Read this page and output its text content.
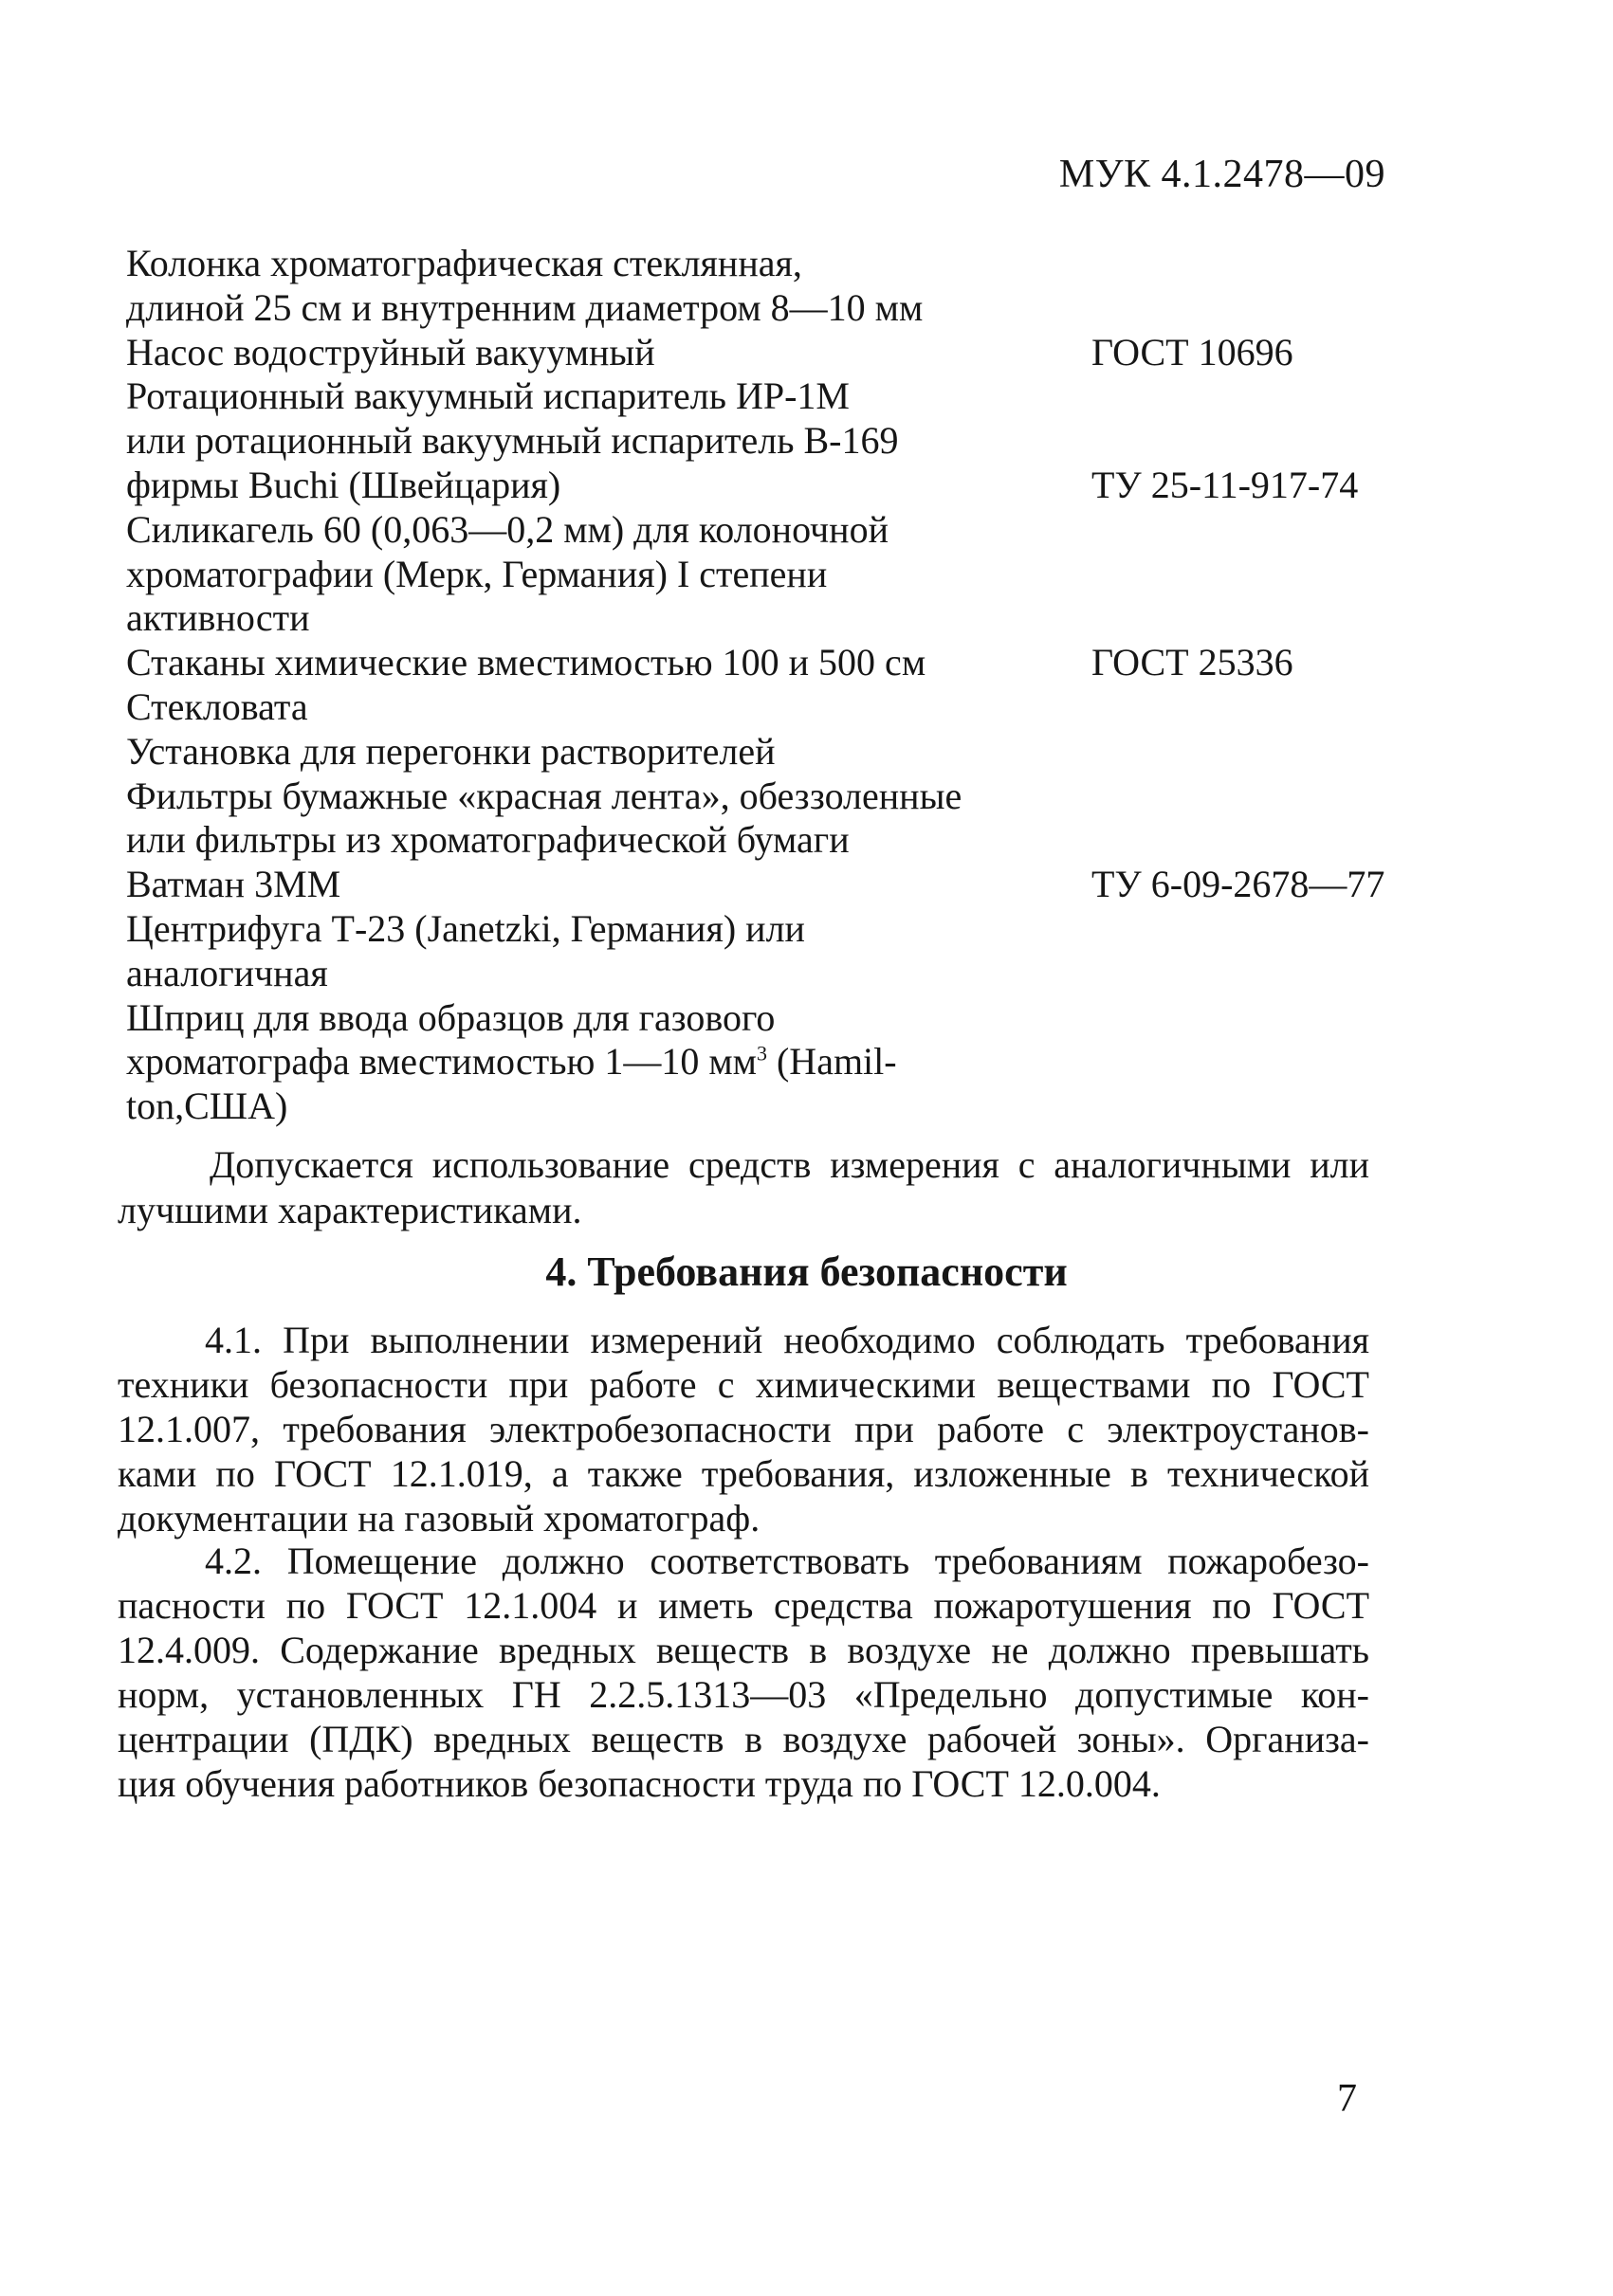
МУК 4.1.2478—09
Колонка хроматографическая стеклянная,
длиной 25 см и внутренним диаметром 8—10 мм
Насос водоструйный вакуумный	ГОСТ 10696
Ротационный вакуумный испаритель ИР-1М
или ротационный вакуумный испаритель В-169
фирмы Buchi (Швейцария)	ТУ 25-11-917-74
Силикагель 60 (0,063—0,2 мм) для колоночной
хроматографии (Мерк, Германия) I степени
активности
Стаканы химические вместимостью 100 и 500 см	ГОСТ 25336
Стекловата
Установка для перегонки растворителей
Фильтры бумажные «красная лента», обеззоленные
или фильтры из хроматографической бумаги
Ватман 3ММ	ТУ 6-09-2678—77
Центрифуга Т-23 (Janetzki, Германия) или
аналогичная
Шприц для ввода образцов для газового
хроматографа вместимостью 1—10 $мм^3$ (Hamil-
ton,США)
Допускается использование средств измерения с аналогичными или лучшими характеристиками.
4. Требования безопасности
4.1. При выполнении измерений необходимо соблюдать требования
техники безопасности при работе с химическими веществами по ГОСТ
12.1.007, требования электробезопасности при работе с электроустанов-
ками по ГОСТ 12.1.019, а также требования, изложенные в технической
документации на газовый хроматограф.
4.2. Помещение должно соответствовать требованиям пожаробезо-
пасности по ГОСТ 12.1.004 и иметь средства пожаротушения по ГОСТ
12.4.009. Содержание вредных веществ в воздухе не должно превышать
норм, установленных ГН 2.2.5.1313—03 «Предельно допустимые кон-
центрации (ПДК) вредных веществ в воздухе рабочей зоны». Организа-
ция обучения работников безопасности труда по ГОСТ 12.0.004.
7
